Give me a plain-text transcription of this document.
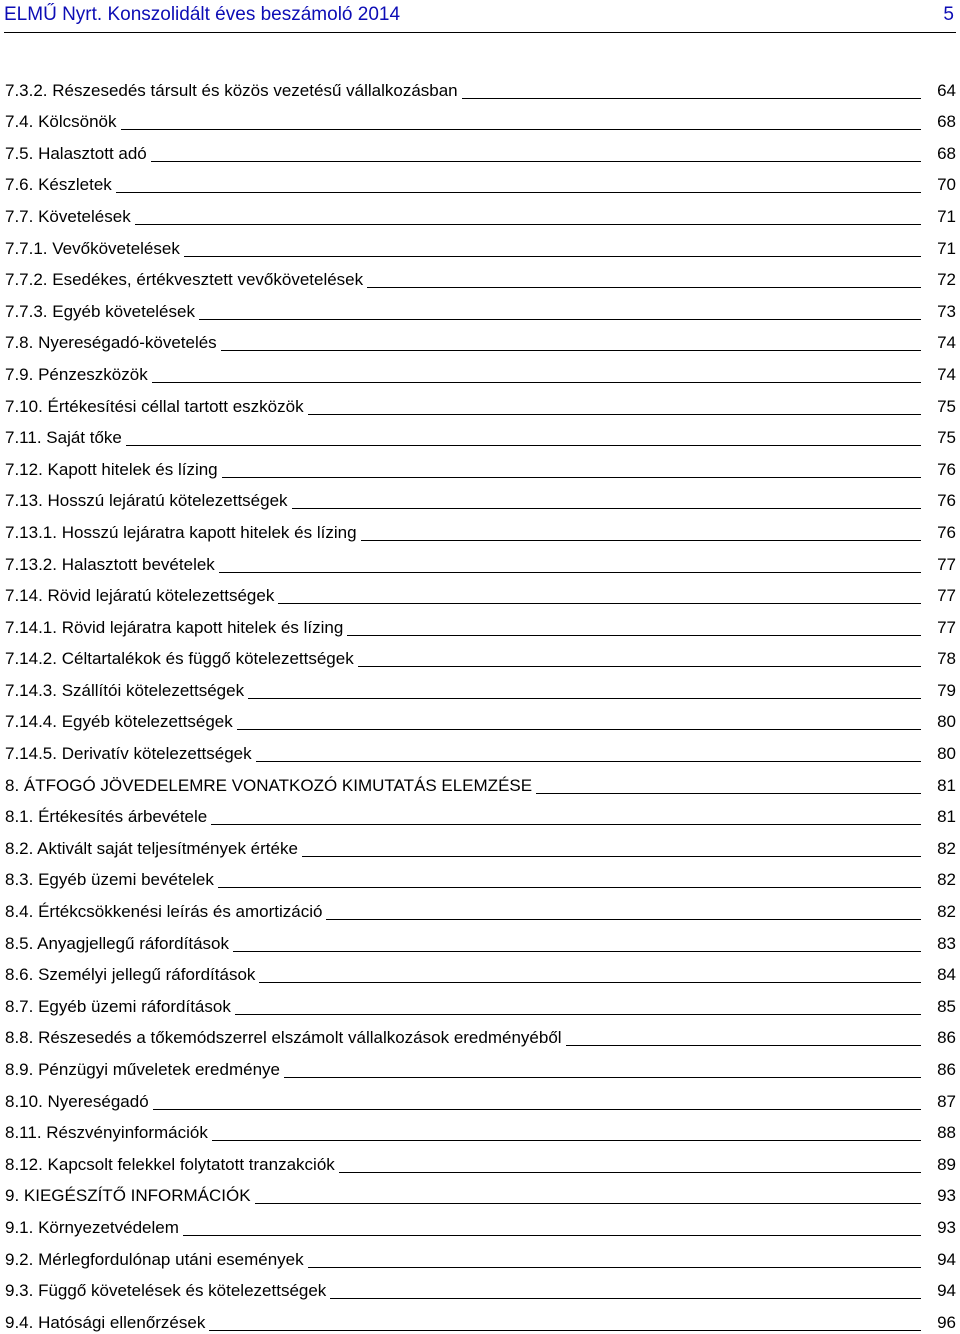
ELMŰ Nyrt. Konszolidált éves beszámoló 2014	5
7.3.2. Részesedés társult és közös vezetésű vállalkozásban	64
7.4. Kölcsönök	68
7.5. Halasztott adó	68
7.6. Készletek	70
7.7. Követelések	71
7.7.1. Vevőkövetelések	71
7.7.2. Esedékes, értékvesztett vevőkövetelések	72
7.7.3. Egyéb követelések	73
7.8. Nyereségadó-követelés	74
7.9. Pénzeszközök	74
7.10. Értékesítési céllal tartott eszközök	75
7.11. Saját tőke	75
7.12. Kapott hitelek és lízing	76
7.13. Hosszú lejáratú kötelezettségek	76
7.13.1. Hosszú lejáratra kapott hitelek és lízing	76
7.13.2. Halasztott bevételek	77
7.14. Rövid lejáratú kötelezettségek	77
7.14.1. Rövid lejáratra kapott hitelek és lízing	77
7.14.2. Céltartalékok és függő kötelezettségek	78
7.14.3. Szállítói kötelezettségek	79
7.14.4. Egyéb kötelezettségek	80
7.14.5. Derivatív kötelezettségek	80
8. ÁTFOGÓ JÖVEDELEMRE VONATKOZÓ KIMUTATÁS ELEMZÉSE	81
8.1. Értékesítés árbevétele	81
8.2. Aktivált saját teljesítmények értéke	82
8.3. Egyéb üzemi bevételek	82
8.4. Értékcsökkenési leírás és amortizáció	82
8.5. Anyagjellegű ráfordítások	83
8.6. Személyi jellegű ráfordítások	84
8.7. Egyéb üzemi ráfordítások	85
8.8. Részesedés a tőkemódszerrel elszámolt vállalkozások eredményéből	86
8.9. Pénzügyi műveletek eredménye	86
8.10. Nyereségadó	87
8.11. Részvényinformációk	88
8.12. Kapcsolt felekkel folytatott tranzakciók	89
9. KIEGÉSZÍTŐ INFORMÁCIÓK	93
9.1. Környezetvédelem	93
9.2. Mérlegfordulónap utáni események	94
9.3. Függő követelések és kötelezettségek	94
9.4. Hatósági ellenőrzések	96
